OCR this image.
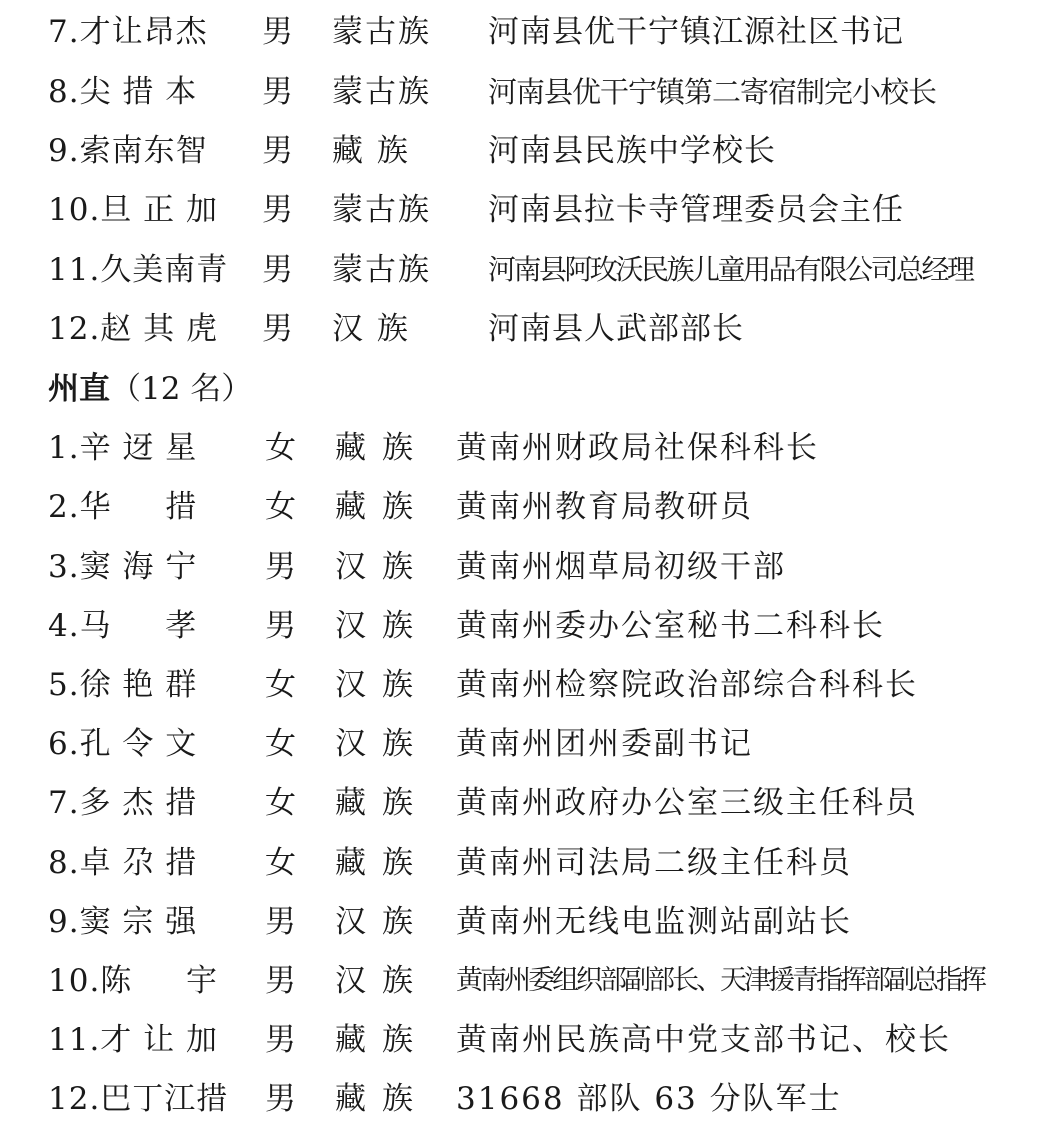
7.才让昂杰 男 蒙古族 河南县优干宁镇江源社区书记
8.尖 措 本 男 蒙古族 河南县优干宁镇第二寄宿制完小校长
9.索南东智 男 藏 族	河南县民族中学校长
10.旦 正 加 男 蒙古族 河南县拉卡寺管理委员会主任
11.久美南青 男 蒙古族 河南县阿玫沃民族儿童用品有限公司总经理
12.赵 其 虎 男 汉 族	河南县人武部部长
州直（12 名）
1.辛 迓 星 女 藏族 黄南州财政局社保科科长
2.华 　 措 女 藏族 黄南州教育局教研员
3.窦 海 宁 男 汉族 黄南州烟草局初级干部
4.马 　 孝 男 汉族 黄南州委办公室秘书二科科长
5.徐 艳 群 女 汉族 黄南州检察院政治部综合科科长
6.孔 令 文 女 汉族 黄南州团州委副书记
7.多 杰 措 女 藏族 黄南州政府办公室三级主任科员
8.卓 尕 措 女 藏族 黄南州司法局二级主任科员
9.窦 宗 强 男 汉族 黄南州无线电监测站副站长
10.陈 　 宇 男 汉族 黄南州委组织部副部长、天津援青指挥部副总指挥
11.才 让 加 男 藏族 黄南州民族高中党支部书记、校长
12.巴丁江措 男 藏族 31668 部队 63 分队军士
